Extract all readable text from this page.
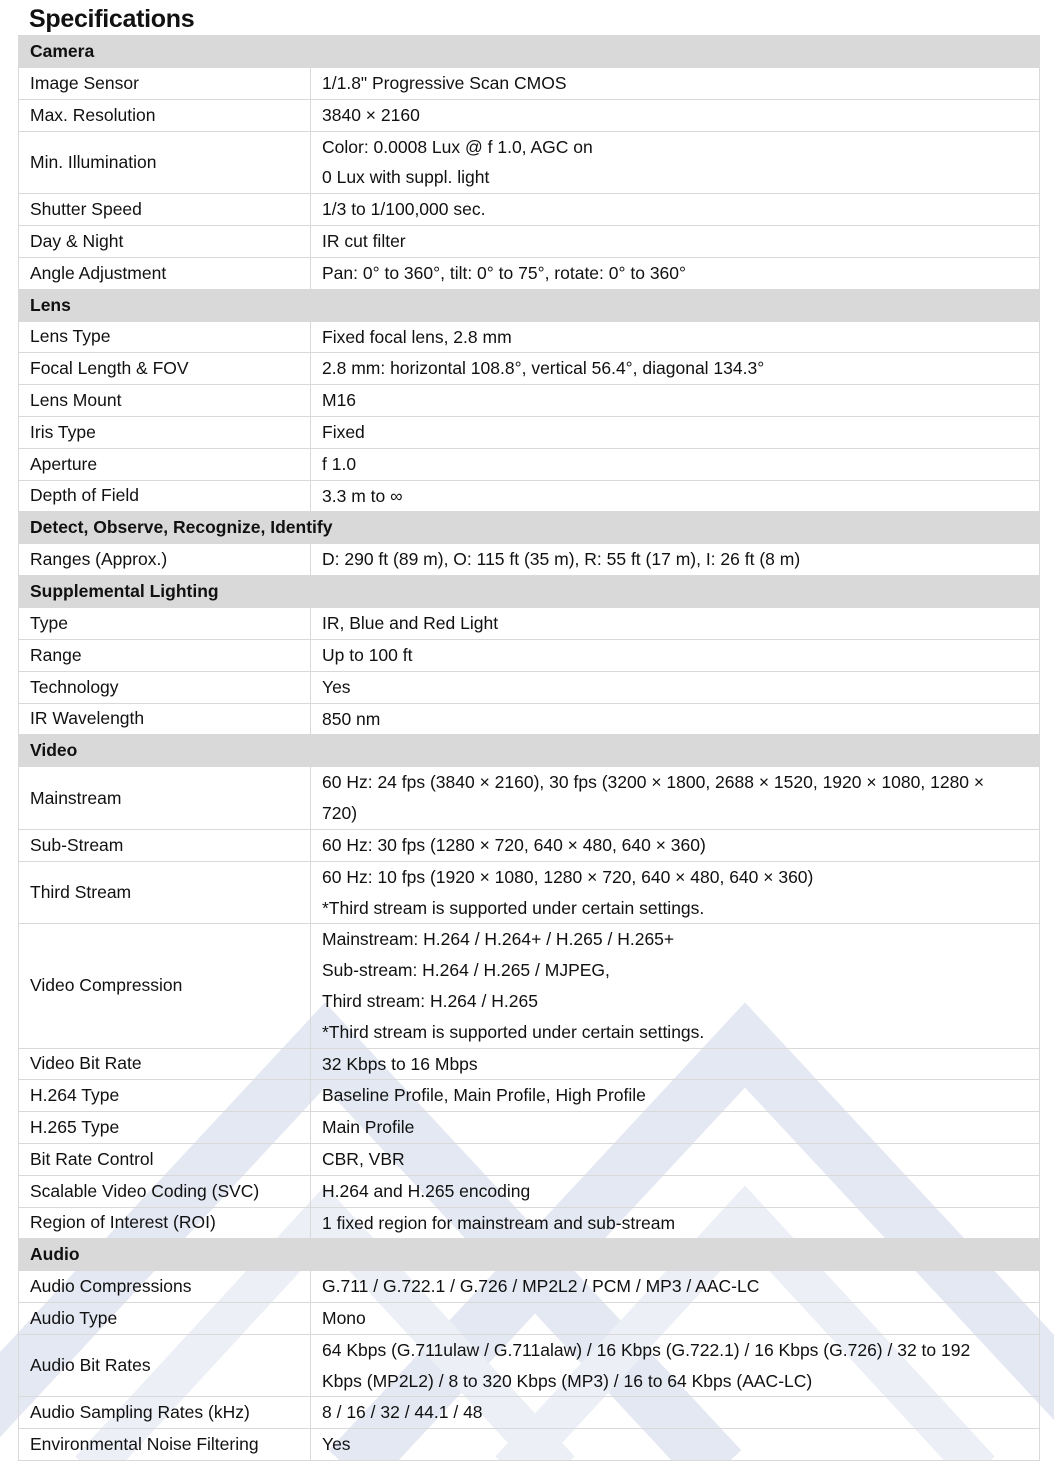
Specifications
Camera	
Image Sensor	1/1.8" Progressive Scan CMOS

Max. Resolution	3840 × 2160

Min. Illumination	Color: 0.0008 Lux @ f 1.0, AGC on
0 Lux with suppl. light

Shutter Speed	1/3 to 1/100,000 sec.

Day & Night	IR cut filter

Angle Adjustment	Pan: 0° to 360°, tilt: 0° to 75°, rotate: 0° to 360°

Lens	
Lens Type	Fixed focal lens, 2.8 mm

Focal Length & FOV	2.8 mm: horizontal 108.8°, vertical 56.4°, diagonal 134.3°

Lens Mount	M16

Iris Type	Fixed

Aperture	f 1.0

Depth of Field	3.3 m to ∞

Detect, Observe, Recognize, Identify	
Ranges (Approx.)	D: 290 ft (89 m), O: 115 ft (35 m), R: 55 ft (17 m), I: 26 ft (8 m)

Supplemental Lighting	
Type	IR, Blue and Red Light

Range	Up to 100 ft

Technology	Yes

IR Wavelength	850 nm

Video	
Mainstream	60 Hz: 24 fps (3840 × 2160), 30 fps (3200 × 1800, 2688 × 1520, 1920 × 1080, 1280 ×
720)

Sub-Stream	60 Hz: 30 fps (1280 × 720, 640 × 480, 640 × 360)

Third Stream	60 Hz: 10 fps (1920 × 1080, 1280 × 720, 640 × 480, 640 × 360)
*Third stream is supported under certain settings.

Video Compression	Mainstream: H.264 / H.264+ / H.265 / H.265+
Sub-stream: H.264 / H.265 / MJPEG,
Third stream: H.264 / H.265
*Third stream is supported under certain settings.

Video Bit Rate	32 Kbps to 16 Mbps

H.264 Type	Baseline Profile, Main Profile, High Profile

H.265 Type	Main Profile

Bit Rate Control	CBR, VBR

Scalable Video Coding (SVC)	H.264 and H.265 encoding

Region of Interest (ROI)	1 fixed region for mainstream and sub-stream

Audio	
Audio Compressions	G.711 / G.722.1 / G.726 / MP2L2 / PCM / MP3 / AAC-LC

Audio Type	Mono

Audio Bit Rates	64 Kbps (G.711ulaw / G.711alaw) / 16 Kbps (G.722.1) / 16 Kbps (G.726) / 32 to 192
Kbps (MP2L2) / 8 to 320 Kbps (MP3) / 16 to 64 Kbps (AAC-LC)

Audio Sampling Rates (kHz)	8 / 16 / 32 / 44.1 / 48

Environmental Noise Filtering	Yes
